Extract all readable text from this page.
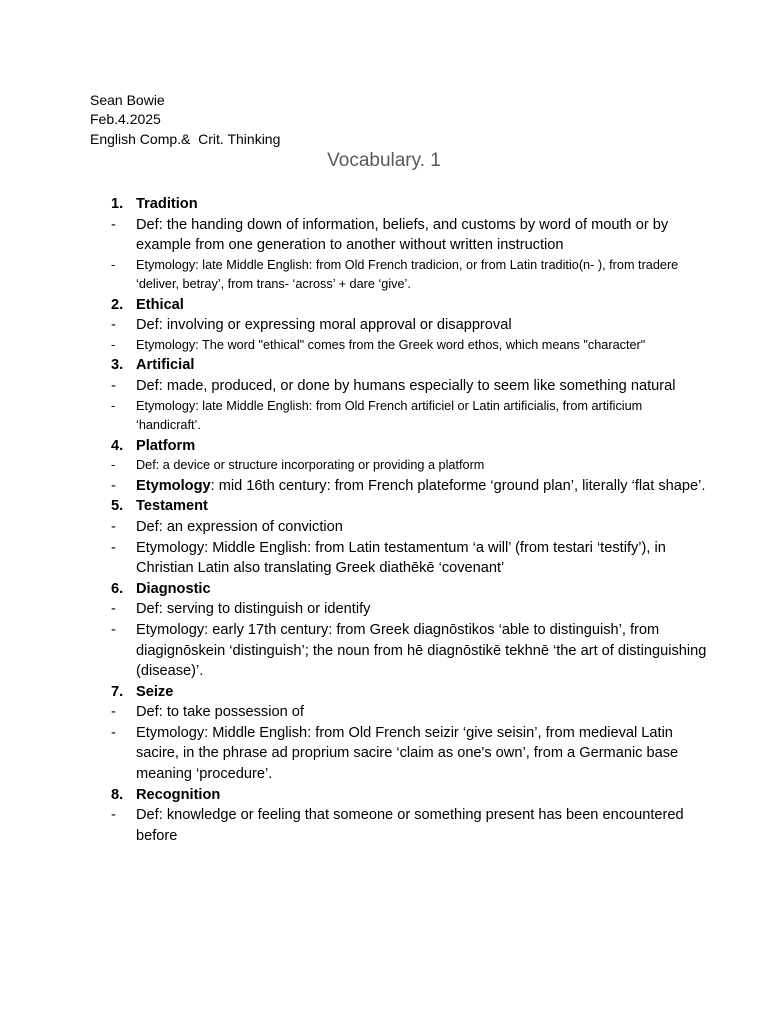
Sean Bowie
Feb.4.2025
English Comp.&  Crit. Thinking
Vocabulary. 1
1. Tradition
- Def: the handing down of information, beliefs, and customs by word of mouth or by example from one generation to another without written instruction
- Etymology: late Middle English: from Old French tradicion, or from Latin traditio(n- ), from tradere ‘deliver, betray’, from trans- ‘across’ + dare ‘give’.
2. Ethical
- Def: involving or expressing moral approval or disapproval
- Etymology: The word "ethical" comes from the Greek word ethos, which means "character"
3. Artificial
- Def: made, produced, or done by humans especially to seem like something natural
- Etymology: late Middle English: from Old French artificiel or Latin artificialis, from artificium ‘handicraft’.
4. Platform
- Def: a device or structure incorporating or providing a platform
- Etymology: mid 16th century: from French plateforme ‘ground plan’, literally ‘flat shape’.
5. Testament
- Def: an expression of conviction
- Etymology: Middle English: from Latin testamentum ‘a will’ (from testari ‘testify’), in Christian Latin also translating Greek diathēkē ‘covenant’
6. Diagnostic
- Def: serving to distinguish or identify
- Etymology: early 17th century: from Greek diagnōstikos ‘able to distinguish’, from diagignōskein ‘distinguish’; the noun from hē diagnōstikē tekhnē ‘the art of distinguishing (disease)’.
7. Seize
- Def: to take possession of
- Etymology: Middle English: from Old French seizir ‘give seisin’, from medieval Latin sacire, in the phrase ad proprium sacire ‘claim as one's own’, from a Germanic base meaning ‘procedure’.
8. Recognition
- Def: knowledge or feeling that someone or something present has been encountered before
